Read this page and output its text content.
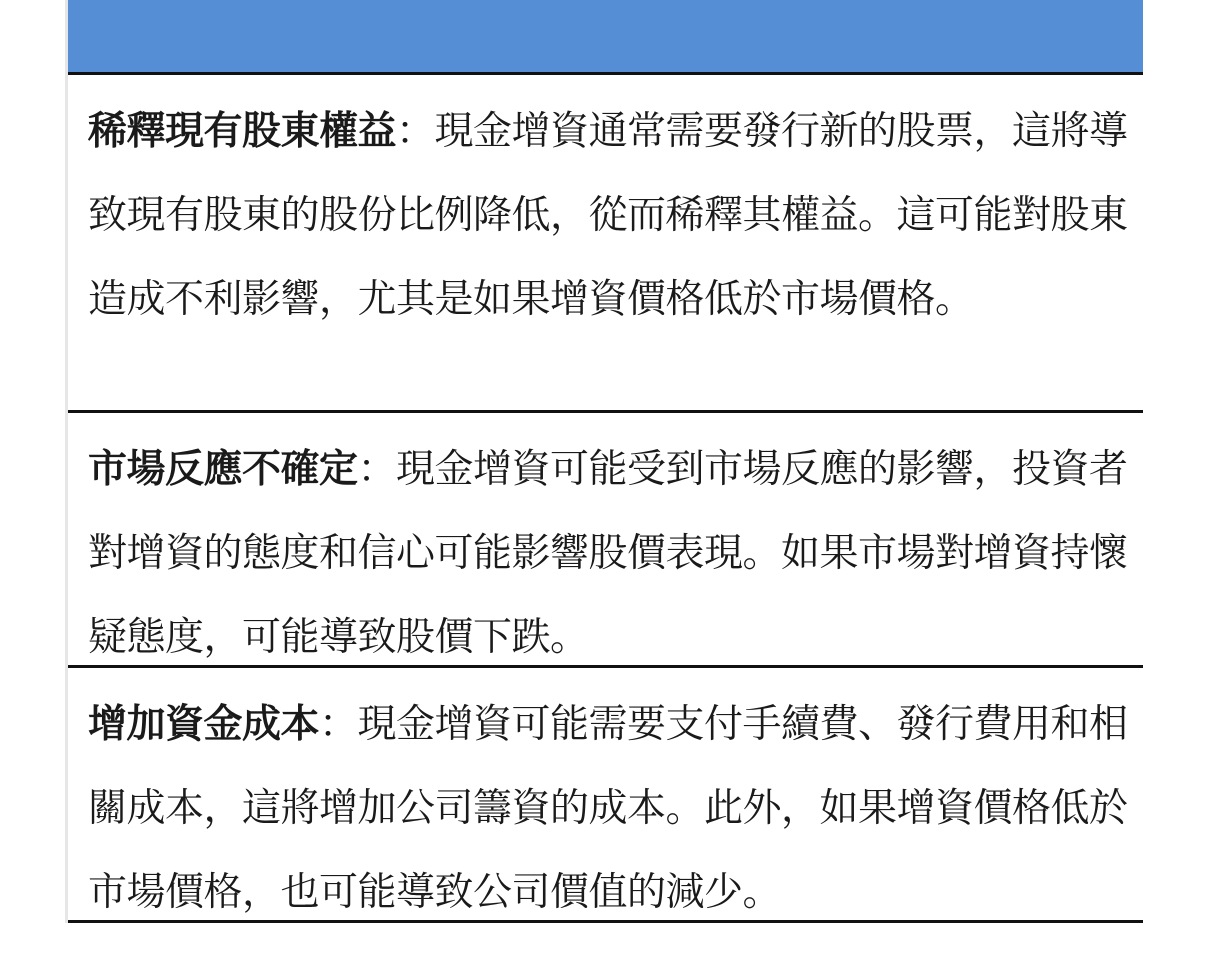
稀釋現有股東權益：現金增資通常需要發行新的股票，這將導致現有股東的股份比例降低，從而稀釋其權益。這可能對股東造成不利影響，尤其是如果增資價格低於市場價格。

市場反應不確定：現金增資可能受到市場反應的影響，投資者對增資的態度和信心可能影響股價表現。如果市場對增資持懷疑態度，可能導致股價下跌。

增加資金成本：現金增資可能需要支付手續費、發行費用和相關成本，這將增加公司籌資的成本。此外，如果增資價格低於市場價格，也可能導致公司價值的減少。
